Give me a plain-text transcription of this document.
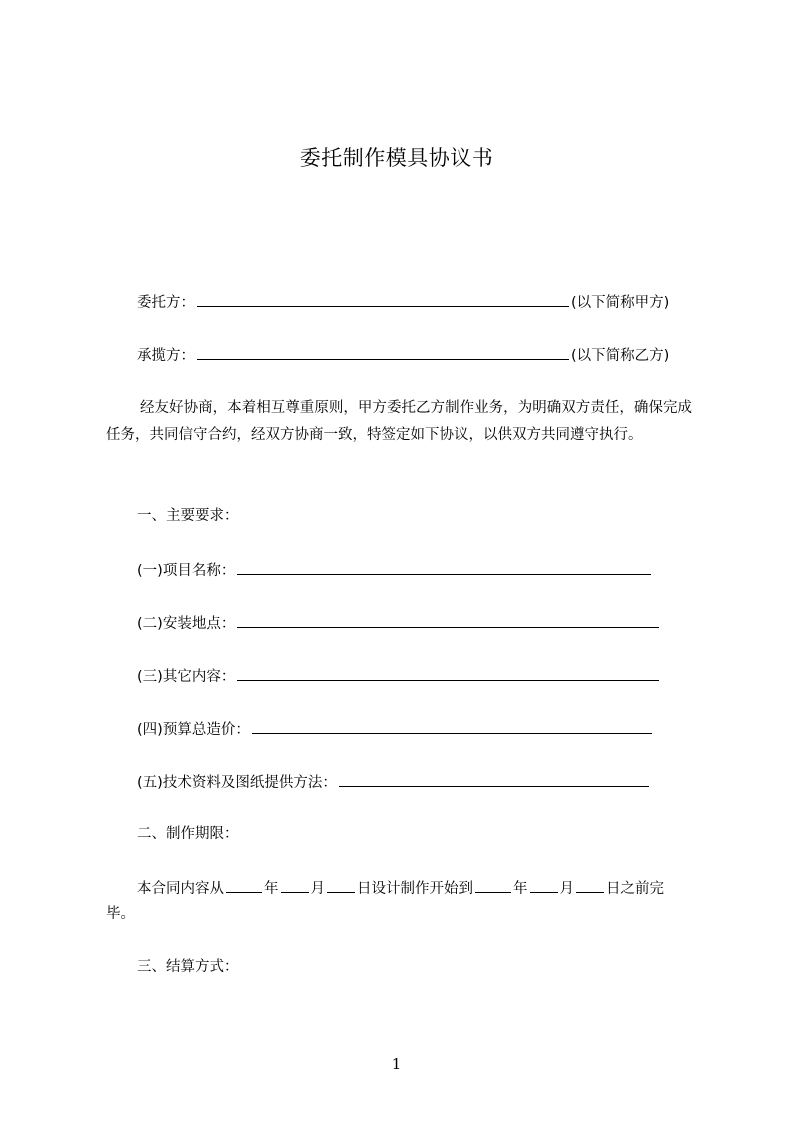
委托制作模具协议书
委托方：	(以下简称甲方)
承揽方：	(以下简称乙方)
经友好协商，本着相互尊重原则，甲方委托乙方制作业务，为明确双方责任，确保完成任务，共同信守合约，经双方协商一致，特签定如下协议，以供双方共同遵守执行。
一、主要要求：
(一)项目名称：
(二)安装地点：
(三)其它内容：
(四)预算总造价：
(五)技术资料及图纸提供方法：
二、制作期限：
本合同内容从	年 月 日设计制作开始到	年 月 日之前完
毕。
三、结算方式：
1
